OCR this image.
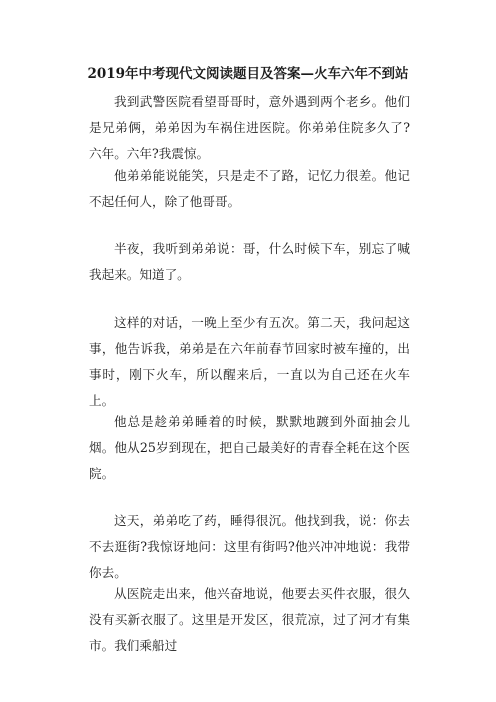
2019年中考现代文阅读题目及答案—火车六年不到站

我到武警医院看望哥哥时，意外遇到两个老乡。他们是兄弟俩，弟弟因为车祸住进医院。你弟弟住院多久了?六年。六年?我震惊。

他弟弟能说能笑，只是走不了路，记忆力很差。他记不起任何人，除了他哥哥。

半夜，我听到弟弟说：哥，什么时候下车，别忘了喊我起来。知道了。

这样的对话，一晚上至少有五次。第二天，我问起这事，他告诉我，弟弟是在六年前春节回家时被车撞的，出事时，刚下火车，所以醒来后，一直以为自己还在火车上。

他总是趁弟弟睡着的时候，默默地踱到外面抽会儿烟。他从25岁到现在，把自己最美好的青春全耗在这个医院。

这天，弟弟吃了药，睡得很沉。他找到我，说：你去不去逛街?我惊讶地问：这里有街吗?他兴冲冲地说：我带你去。

从医院走出来，他兴奋地说，他要去买件衣服，很久没有买新衣服了。这里是开发区，很荒凉，过了河才有集市。我们乘船过
